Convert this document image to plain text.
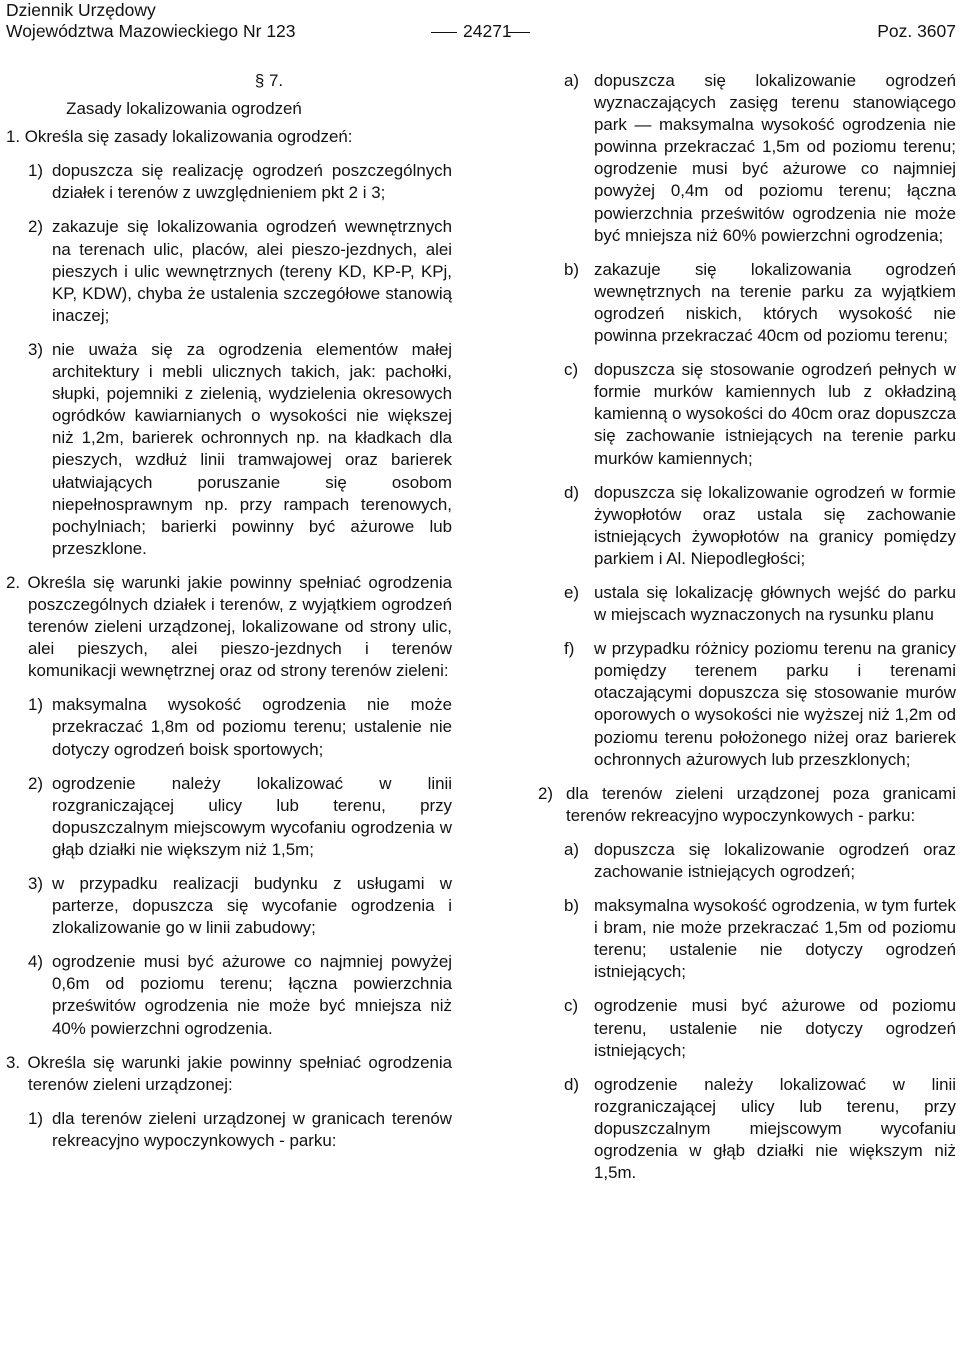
Dziennik Urzędowy
Województwa Mazowieckiego Nr 123	24271	Poz. 3607
§ 7.
Zasady lokalizowania ogrodzeń
1. Określa się zasady lokalizowania ogrodzeń:
1) dopuszcza się realizację ogrodzeń poszczególnych działek i terenów z uwzględnieniem pkt 2 i 3;
2) zakazuje się lokalizowania ogrodzeń wewnętrznych na terenach ulic, placów, alei pieszo-jezdnych, alei pieszych i ulic wewnętrznych (tereny KD, KP-P, KPj, KP, KDW), chyba że ustalenia szczegółowe stanowią inaczej;
3) nie uważa się za ogrodzenia elementów małej architektury i mebli ulicznych takich, jak: pachołki, słupki, pojemniki z zielenią, wydzielenia okresowych ogródków kawiarnianych o wysokości nie większej niż 1,2m, barierek ochronnych np. na kładkach dla pieszych, wzdłuż linii tramwajowej oraz barierek ułatwiających poruszanie się osobom niepełnosprawnym np. przy rampach terenowych, pochylniach; barierki powinny być ażurowe lub przeszklone.
2. Określa się warunki jakie powinny spełniać ogrodzenia poszczególnych działek i terenów, z wyjątkiem ogrodzeń terenów zieleni urządzonej, lokalizowane od strony ulic, alei pieszych, alei pieszo-jezdnych i terenów komunikacji wewnętrznej oraz od strony terenów zieleni:
1) maksymalna wysokość ogrodzenia nie może przekraczać 1,8m od poziomu terenu; ustalenie nie dotyczy ogrodzeń boisk sportowych;
2) ogrodzenie należy lokalizować w linii rozgraniczającej ulicy lub terenu, przy dopuszczalnym miejscowym wycofaniu ogrodzenia w głąb działki nie większym niż 1,5m;
3) w przypadku realizacji budynku z usługami w parterze, dopuszcza się wycofanie ogrodzenia i zlokalizowanie go w linii zabudowy;
4) ogrodzenie musi być ażurowe co najmniej powyżej 0,6m od poziomu terenu; łączna powierzchnia prześwitów ogrodzenia nie może być mniejsza niż 40% powierzchni ogrodzenia.
3. Określa się warunki jakie powinny spełniać ogrodzenia terenów zieleni urządzonej:
1) dla terenów zieleni urządzonej w granicach terenów rekreacyjno wypoczynkowych - parku:
a) dopuszcza się lokalizowanie ogrodzeń wyznaczających zasięg terenu stanowiącego park — maksymalna wysokość ogrodzenia nie powinna przekraczać 1,5m od poziomu terenu; ogrodzenie musi być ażurowe co najmniej powyżej 0,4m od poziomu terenu; łączna powierzchnia prześwitów ogrodzenia nie może być mniejsza niż 60% powierzchni ogrodzenia;
b) zakazuje się lokalizowania ogrodzeń wewnętrznych na terenie parku za wyjątkiem ogrodzeń niskich, których wysokość nie powinna przekraczać 40cm od poziomu terenu;
c) dopuszcza się stosowanie ogrodzeń pełnych w formie murków kamiennych lub z okładziną kamienną o wysokości do 40cm oraz dopuszcza się zachowanie istniejących na terenie parku murków kamiennych;
d) dopuszcza się lokalizowanie ogrodzeń w formie żywopłotów oraz ustala się zachowanie istniejących żywopłotów na granicy pomiędzy parkiem i Al. Niepodległości;
e) ustala się lokalizację głównych wejść do parku w miejscach wyznaczonych na rysunku planu
f) w przypadku różnicy poziomu terenu na granicy pomiędzy terenem parku i terenami otaczającymi dopuszcza się stosowanie murów oporowych o wysokości nie wyższej niż 1,2m od poziomu terenu położonego niżej oraz barierek ochronnych ażurowych lub przeszklonych;
2) dla terenów zieleni urządzonej poza granicami terenów rekreacyjno wypoczynkowych - parku:
a) dopuszcza się lokalizowanie ogrodzeń oraz zachowanie istniejących ogrodzeń;
b) maksymalna wysokość ogrodzenia, w tym furtek i bram, nie może przekraczać 1,5m od poziomu terenu; ustalenie nie dotyczy ogrodzeń istniejących;
c) ogrodzenie musi być ażurowe od poziomu terenu, ustalenie nie dotyczy ogrodzeń istniejących;
d) ogrodzenie należy lokalizować w linii rozgraniczającej ulicy lub terenu, przy dopuszczalnym miejscowym wycofaniu ogrodzenia w głąb działki nie większym niż 1,5m.
